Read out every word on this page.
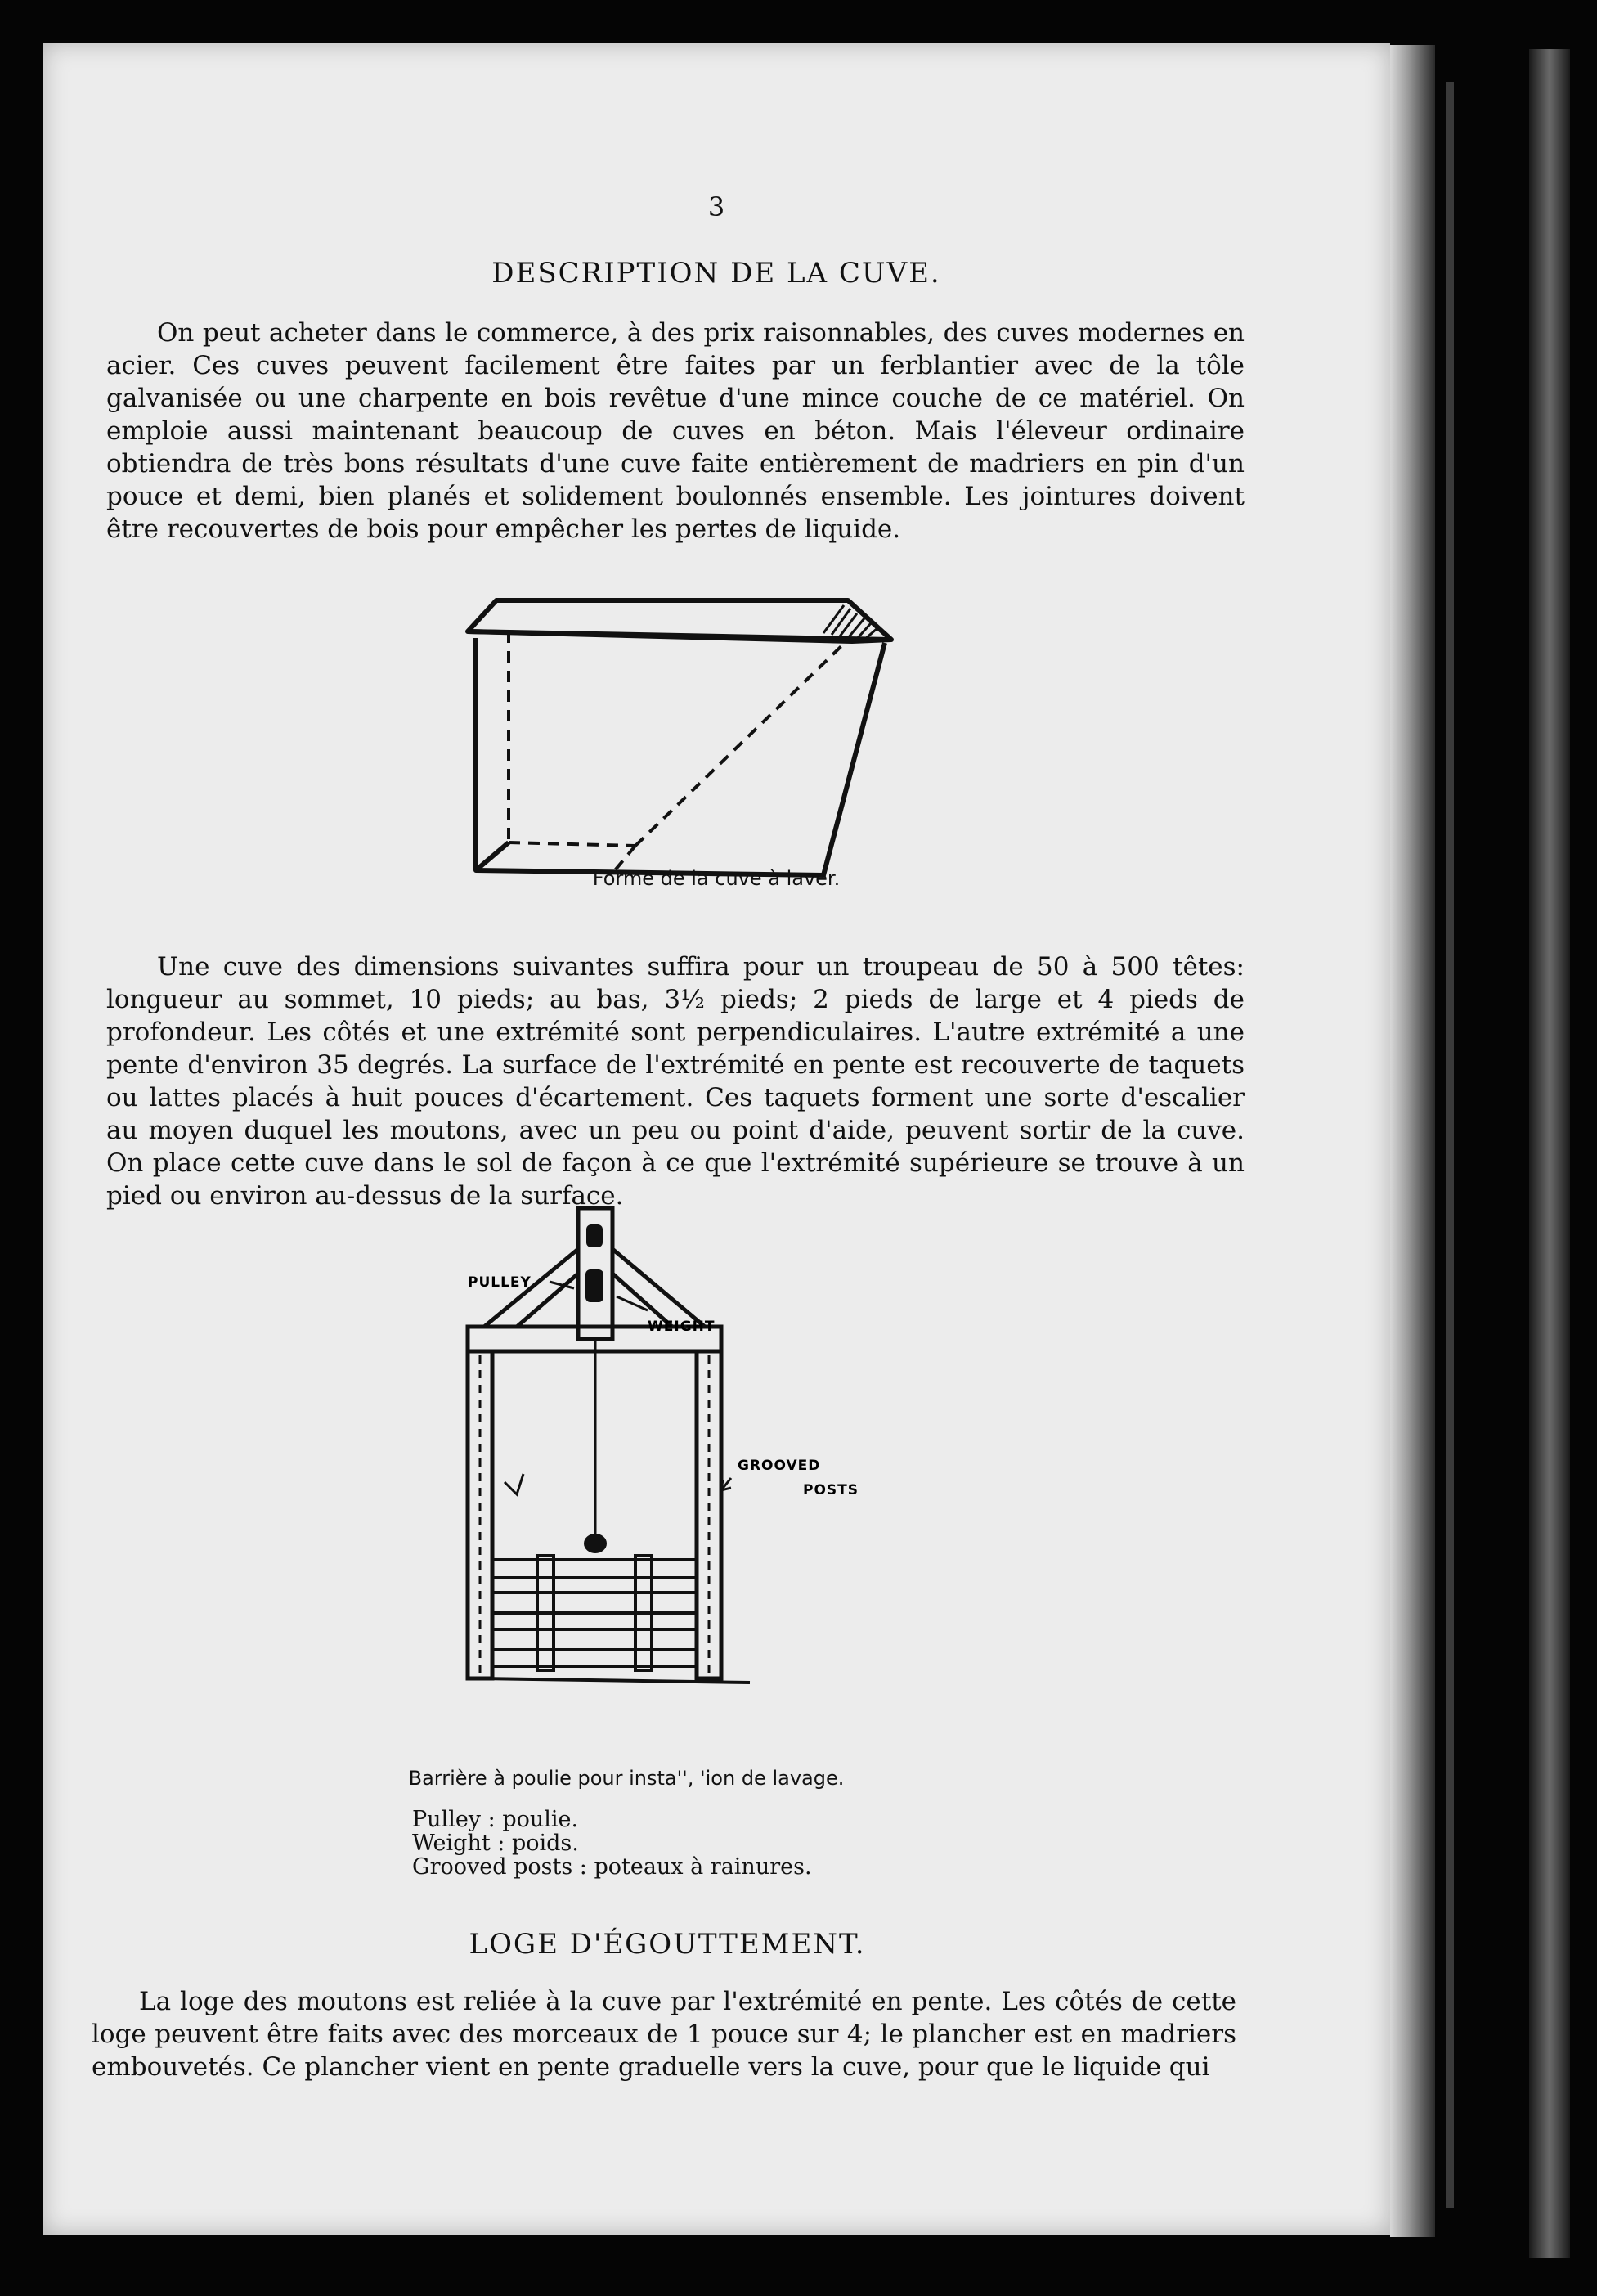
3
DESCRIPTION DE LA CUVE.
On peut acheter dans le commerce, à des prix raisonnables, des cuves modernes en acier. Ces cuves peuvent facilement être faites par un ferblantier avec de la tôle galvanisée ou une charpente en bois revêtue d'une mince couche de ce matériel. On emploie aussi maintenant beaucoup de cuves en béton. Mais l'éleveur ordinaire obtiendra de très bons résultats d'une cuve faite entièrement de madriers en pin d'un pouce et demi, bien planés et solidement boulonnés ensemble. Les jointures doivent être recouvertes de bois pour empêcher les pertes de liquide.
Forme de la cuve à laver.
Une cuve des dimensions suivantes suffira pour un troupeau de 50 à 500 têtes: longueur au sommet, 10 pieds; au bas, 3½ pieds; 2 pieds de large et 4 pieds de profondeur. Les côtés et une extrémité sont perpendiculaires. L'autre extrémité a une pente d'environ 35 degrés. La surface de l'extrémité en pente est recouverte de taquets ou lattes placés à huit pouces d'écartement. Ces taquets forment une sorte d'escalier au moyen duquel les moutons, avec un peu ou point d'aide, peuvent sortir de la cuve. On place cette cuve dans le sol de façon à ce que l'extrémité supérieure se trouve à un pied ou environ au-dessus de la surface.
PULLEY
WEIGHT
GROOVED
POSTS
Barrière à poulie pour insta'', 'ion de lavage.
Pulley : poulie.
Weight : poids.
Grooved posts : poteaux à rainures.
LOGE D'ÉGOUTTEMENT.
La loge des moutons est reliée à la cuve par l'extrémité en pente. Les côtés de cette loge peuvent être faits avec des morceaux de 1 pouce sur 4; le plancher est en madriers embouvetés. Ce plancher vient en pente graduelle vers la cuve, pour que le liquide qui
